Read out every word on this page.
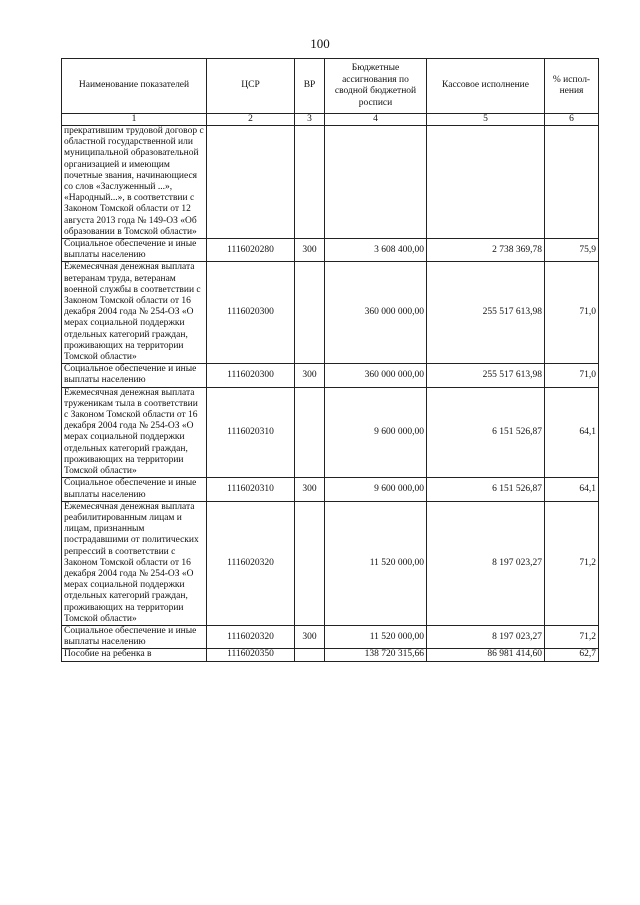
100
Наименование показателей	ЦСР	ВР	Бюджетные ассигнования по сводной бюджетной росписи	Кассовое исполнение	% испол-нения
1	2	3	4	5	6
прекратившим трудовой договор с областной государственной или муниципальной образовательной организацией и имеющим почетные звания, начинающиеся со слов «Заслуженный ...», «Народный...», в соответствии с Законом Томской области от 12 августа 2013 года № 149-ОЗ «Об образовании в Томской области»					
Социальное обеспечение и иные выплаты населению	1116020280	300	3 608 400,00	2 738 369,78	75,9
Ежемесячная денежная выплата ветеранам труда, ветеранам военной службы в соответствии с Законом Томской области от 16 декабря 2004 года № 254-ОЗ «О мерах социальной поддержки отдельных категорий граждан, проживающих на территории Томской области»	1116020300		360 000 000,00	255 517 613,98	71,0
Социальное обеспечение и иные выплаты населению	1116020300	300	360 000 000,00	255 517 613,98	71,0
Ежемесячная денежная выплата труженикам тыла в соответствии с Законом Томской области от 16 декабря 2004 года № 254-ОЗ «О мерах социальной поддержки отдельных категорий граждан, проживающих на территории Томской области»	1116020310		9 600 000,00	6 151 526,87	64,1
Социальное обеспечение и иные выплаты населению	1116020310	300	9 600 000,00	6 151 526,87	64,1
Ежемесячная денежная выплата реабилитированным лицам и лицам, признанным пострадавшими от политических репрессий в соответствии с Законом Томской области от 16 декабря 2004 года № 254-ОЗ «О мерах социальной поддержки отдельных категорий граждан, проживающих на территории Томской области»	1116020320		11 520 000,00	8 197 023,27	71,2
Социальное обеспечение и иные выплаты населению	1116020320	300	11 520 000,00	8 197 023,27	71,2
Пособие на ребенка в	1116020350		138 720 315,66	86 981 414,60	62,7
